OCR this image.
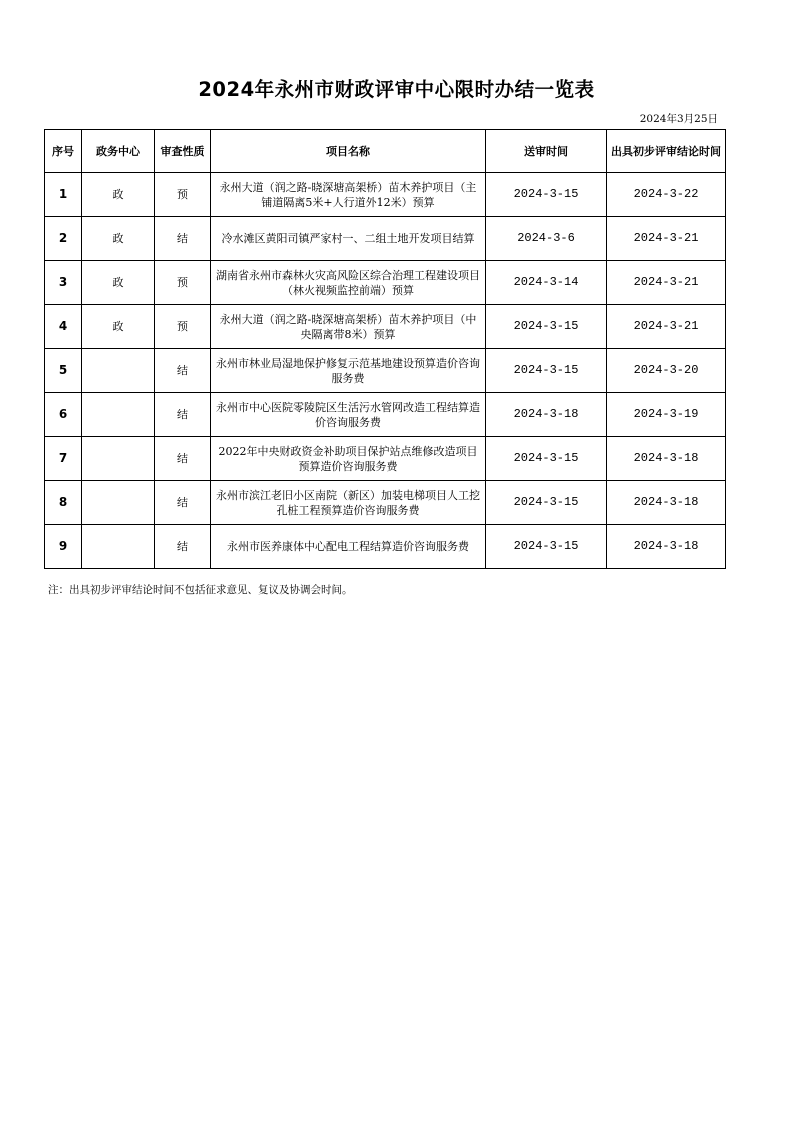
2024年永州市财政评审中心限时办结一览表
2024年3月25日
序号	政务中心	审查性质	项目名称	送审时间	出具初步评审结论时间
1	政	预	永州大道（润之路-晓深塘高架桥）苗木养护项目（主铺道隔离5米+人行道外12米）预算	2024-3-15	2024-3-22
2	政	结	冷水滩区黄阳司镇严家村一、二组土地开发项目结算	2024-3-6	2024-3-21
3	政	预	湖南省永州市森林火灾高风险区综合治理工程建设项目（林火视频监控前端）预算	2024-3-14	2024-3-21
4	政	预	永州大道（润之路-晓深塘高架桥）苗木养护项目（中央隔离带8米）预算	2024-3-15	2024-3-21
5		结	永州市林业局湿地保护修复示范基地建设预算造价咨询服务费	2024-3-15	2024-3-20
6		结	永州市中心医院零陵院区生活污水管网改造工程结算造价咨询服务费	2024-3-18	2024-3-19
7		结	2022年中央财政资金补助项目保护站点维修改造项目预算造价咨询服务费	2024-3-15	2024-3-18
8		结	永州市滨江老旧小区南院（新区）加装电梯项目人工挖孔桩工程预算造价咨询服务费	2024-3-15	2024-3-18
9		结	永州市医养康体中心配电工程结算造价咨询服务费	2024-3-15	2024-3-18
注：出具初步评审结论时间不包括征求意见、复议及协调会时间。
